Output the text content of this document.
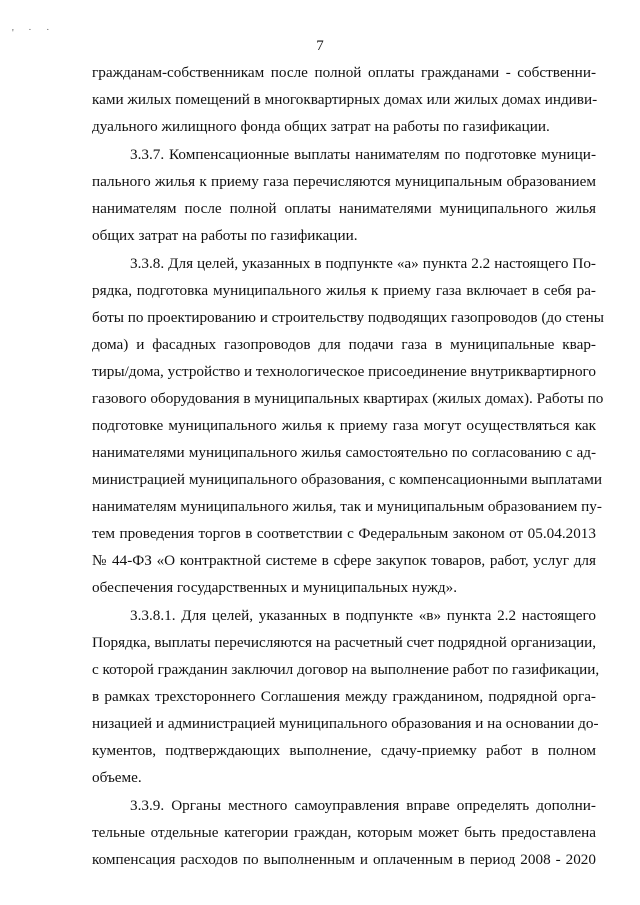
' ˙ ˙
7
гражданам-собственникам после полной оплаты гражданами - собственни-
ками жилых помещений в многоквартирных домах или жилых домах индиви-
дуального жилищного фонда общих затрат на работы по газификации.
3.3.7. Компенсационные выплаты нанимателям по подготовке муници-
пального жилья к приему газа перечисляются муниципальным образованием
нанимателям после полной оплаты нанимателями муниципального жилья
общих затрат на работы по газификации.
3.3.8. Для целей, указанных в подпункте «а» пункта 2.2 настоящего По-
рядка, подготовка муниципального жилья к приему газа включает в себя ра-
боты по проектированию и строительству подводящих газопроводов (до стены
дома) и фасадных газопроводов для подачи газа в муниципальные квар-
тиры/дома, устройство и технологическое присоединение внутриквартирного
газового оборудования в муниципальных квартирах (жилых домах). Работы по
подготовке муниципального жилья к приему газа могут осуществляться как
нанимателями муниципального жилья самостоятельно по согласованию с ад-
министрацией муниципального образования, с компенсационными выплатами
нанимателям муниципального жилья, так и муниципальным образованием пу-
тем проведения торгов в соответствии с Федеральным законом от 05.04.2013
№ 44-ФЗ «О контрактной системе в сфере закупок товаров, работ, услуг для
обеспечения государственных и муниципальных нужд».
3.3.8.1. Для целей, указанных в подпункте «в» пункта 2.2 настоящего
Порядка, выплаты перечисляются на расчетный счет подрядной организации,
с которой гражданин заключил договор на выполнение работ по газификации,
в рамках трехстороннего Соглашения между гражданином, подрядной орга-
низацией и администрацией муниципального образования и на основании до-
кументов, подтверждающих выполнение, сдачу-приемку работ в полном
объеме.
3.3.9. Органы местного самоуправления вправе определять дополни-
тельные отдельные категории граждан, которым может быть предоставлена
компенсация расходов по выполненным и оплаченным в период 2008 - 2020
